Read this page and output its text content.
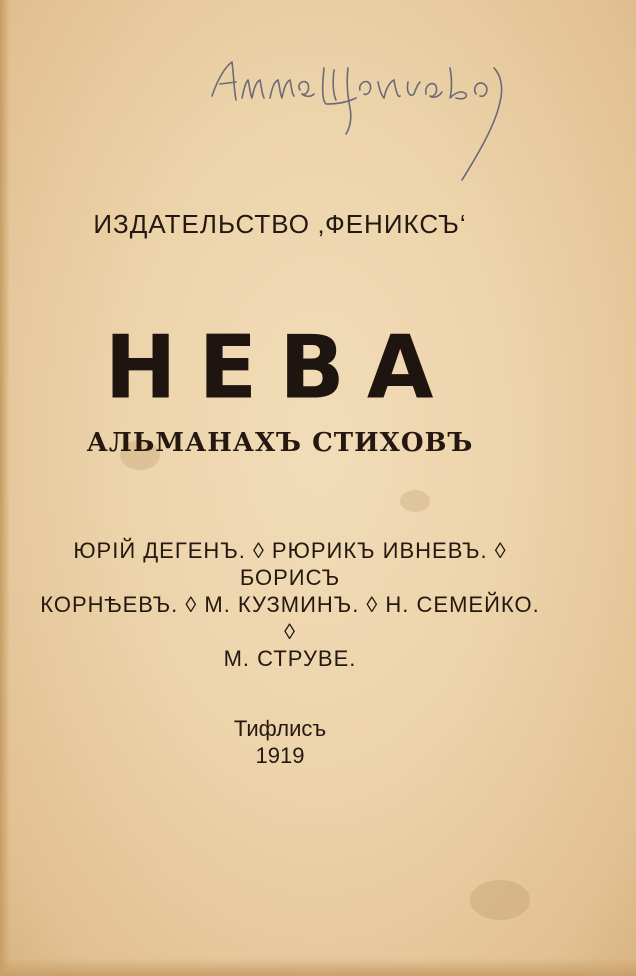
ИЗДАТЕЛЬСТВО ‚ФЕНИКСЪ‘
НЕВА
АЛЬМАНАХЪ СТИХОВЪ
ЮРIЙ ДЕГЕНЪ. ◊ РЮРИКЪ ИВНЕВЪ. ◊ БОРИСЪ
КОРНѢЕВЪ. ◊ М. КУЗМИНЪ. ◊ Н. СЕМЕЙКО. ◊
М. СТРУВЕ.
Тифлисъ
1919
